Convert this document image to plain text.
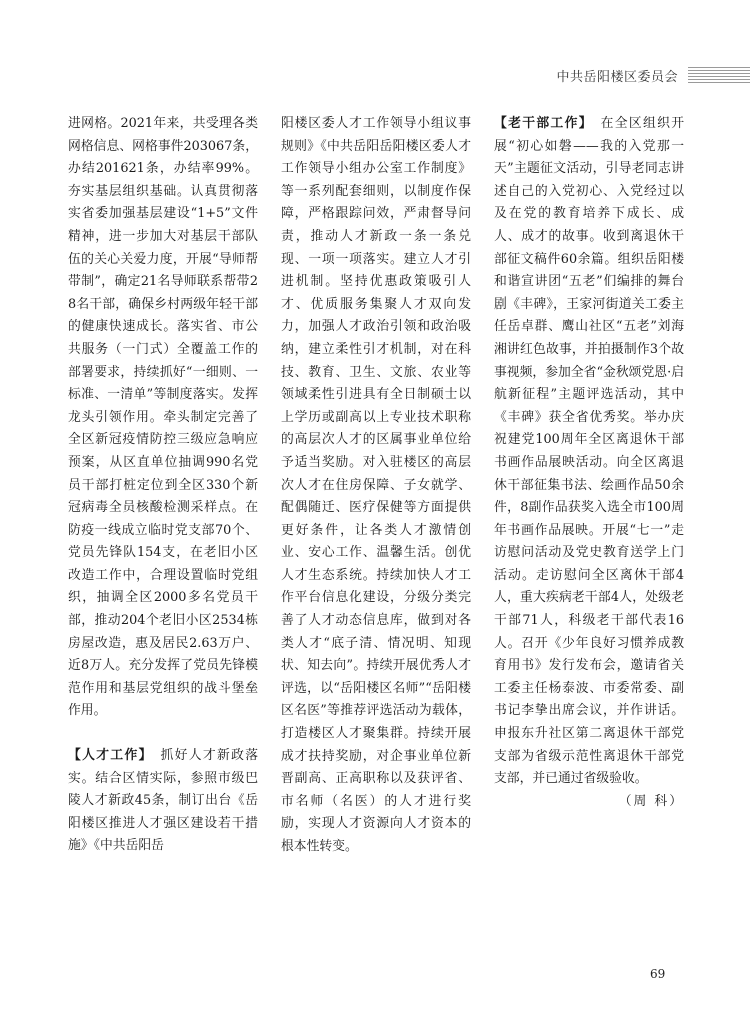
中共岳阳楼区委员会

进网格。2021年来，共受理各类网格信息、网格事件203067条，办结201621条，办结率99%。夯实基层组织基础。认真贯彻落实省委加强基层建设“1+5”文件精神，进一步加大对基层干部队伍的关心关爱力度，开展“导师帮带制”，确定21名导师联系帮带28名干部，确保乡村两级年轻干部的健康快速成长。落实省、市公共服务（一门式）全覆盖工作的部署要求，持续抓好“一细则、一标准、一清单”等制度落实。发挥龙头引领作用。牵头制定完善了全区新冠疫情防控三级应急响应预案，从区直单位抽调990名党员干部打桩定位到全区330个新冠病毒全员核酸检测采样点。在防疫一线成立临时党支部70个、党员先锋队154支，在老旧小区改造工作中，合理设置临时党组织，抽调全区2000多名党员干部，推动204个老旧小区2534栋房屋改造，惠及居民2.63万户、近8万人。充分发挥了党员先锋模范作用和基层党组织的战斗堡垒作用。

【人才工作】　抓好人才新政落实。结合区情实际，参照市级巴陵人才新政45条，制订出台《岳阳楼区推进人才强区建设若干措施》《中共岳阳岳

阳楼区委人才工作领导小组议事规则》《中共岳阳岳阳楼区委人才工作领导小组办公室工作制度》等一系列配套细则，以制度作保障，严格跟踪问效，严肃督导问责，推动人才新政一条一条兑现、一项一项落实。建立人才引进机制。坚持优惠政策吸引人才、优质服务集聚人才双向发力，加强人才政治引领和政治吸纳，建立柔性引才机制，对在科技、教育、卫生、文旅、农业等领域柔性引进具有全日制硕士以上学历或副高以上专业技术职称的高层次人才的区属事业单位给予适当奖励。对入驻楼区的高层次人才在住房保障、子女就学、配偶随迁、医疗保健等方面提供更好条件，让各类人才激情创业、安心工作、温馨生活。创优人才生态系统。持续加快人才工作平台信息化建设，分级分类完善了人才动态信息库，做到对各类人才“底子清、情况明、知现状、知去向”。持续开展优秀人才评选，以“岳阳楼区名师”“岳阳楼区名医”等推荐评选活动为载体，打造楼区人才聚集群。持续开展成才扶持奖励，对企事业单位新晋副高、正高职称以及获评省、市名师（名医）的人才进行奖励，实现人才资源向人才资本的根本性转变。

【老干部工作】　在全区组织开展“初心如磐——我的入党那一天”主题征文活动，引导老同志讲述自己的入党初心、入党经过以及在党的教育培养下成长、成人、成才的故事。收到离退休干部征文稿件60余篇。组织岳阳楼和谐宣讲团“五老”们编排的舞台剧《丰碑》，王家河街道关工委主任岳卓群、鹰山社区“五老”刘海湘讲红色故事，并拍摄制作3个故事视频，参加全省“金秋颂党恩·启航新征程”主题评选活动，其中《丰碑》获全省优秀奖。举办庆祝建党100周年全区离退休干部书画作品展映活动。向全区离退休干部征集书法、绘画作品50余件，8副作品获奖入选全市100周年书画作品展映。开展“七一”走访慰问活动及党史教育送学上门活动。走访慰问全区离休干部4人，重大疾病老干部4人，处级老干部71人，科级老干部代表16人。召开《少年良好习惯养成教育用书》发行发布会，邀请省关工委主任杨泰波、市委常委、副书记李挚出席会议，并作讲话。申报东升社区第二离退休干部党支部为省级示范性离退休干部党支部，并已通过省级验收。

（周 科）

69
